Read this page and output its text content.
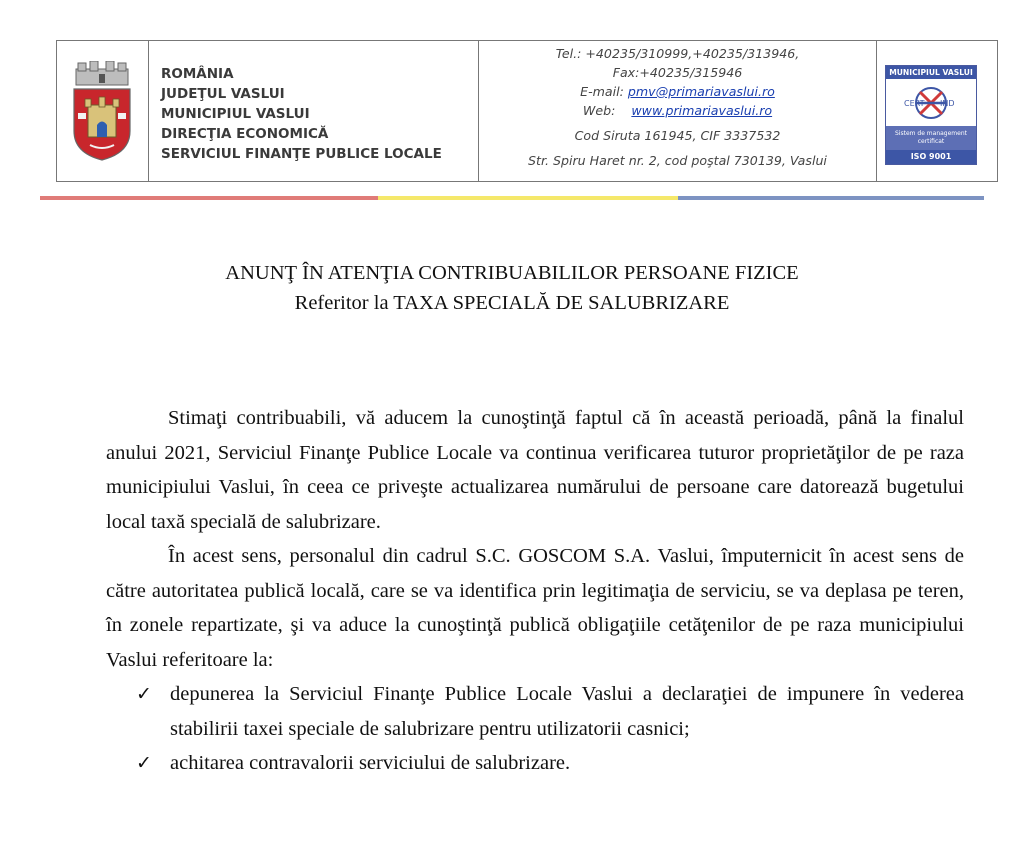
ROMÂNIA
JUDEŢUL VASLUI
MUNICIPIUL VASLUI
DIRECŢIA ECONOMICĂ
SERVICIUL FINANŢE PUBLICE LOCALE
Tel.: +40235/310999,+40235/313946,
Fax:+40235/315946
E-mail: pmv@primariavaslui.ro
Web: www.primariavaslui.ro
Cod Siruta 161945, CIF 3337532
Str. Spiru Haret nr. 2, cod poştal 730139, Vaslui
MUNICIPIUL VASLUI
CERT IND
Sistem de management certificat
ISO 9001
ANUNŢ ÎN ATENŢIA CONTRIBUABILILOR PERSOANE FIZICE
Referitor la TAXA SPECIALĂ DE SALUBRIZARE

Stimaţi contribuabili, vă aducem la cunoştinţă faptul că în această perioadă, până la finalul anului 2021, Serviciul Finanţe Publice Locale va continua verificarea tuturor proprietăţilor de pe raza municipiului Vaslui, în ceea ce priveşte actualizarea numărului de persoane care datorează bugetului local taxă specială de salubrizare.

În acest sens, personalul din cadrul S.C. GOSCOM S.A. Vaslui, împuternicit în acest sens de către autoritatea publică locală, care se va identifica prin legitimaţia de serviciu, se va deplasa pe teren, în zonele repartizate, şi va aduce la cunoştinţă publică obligaţiile cetăţenilor de pe raza municipiului Vaslui referitoare la:

✓ depunerea la Serviciul Finanţe Publice Locale Vaslui a declaraţiei de impunere în vederea stabilirii taxei speciale de salubrizare pentru utilizatorii casnici;
✓ achitarea contravalorii serviciului de salubrizare.
